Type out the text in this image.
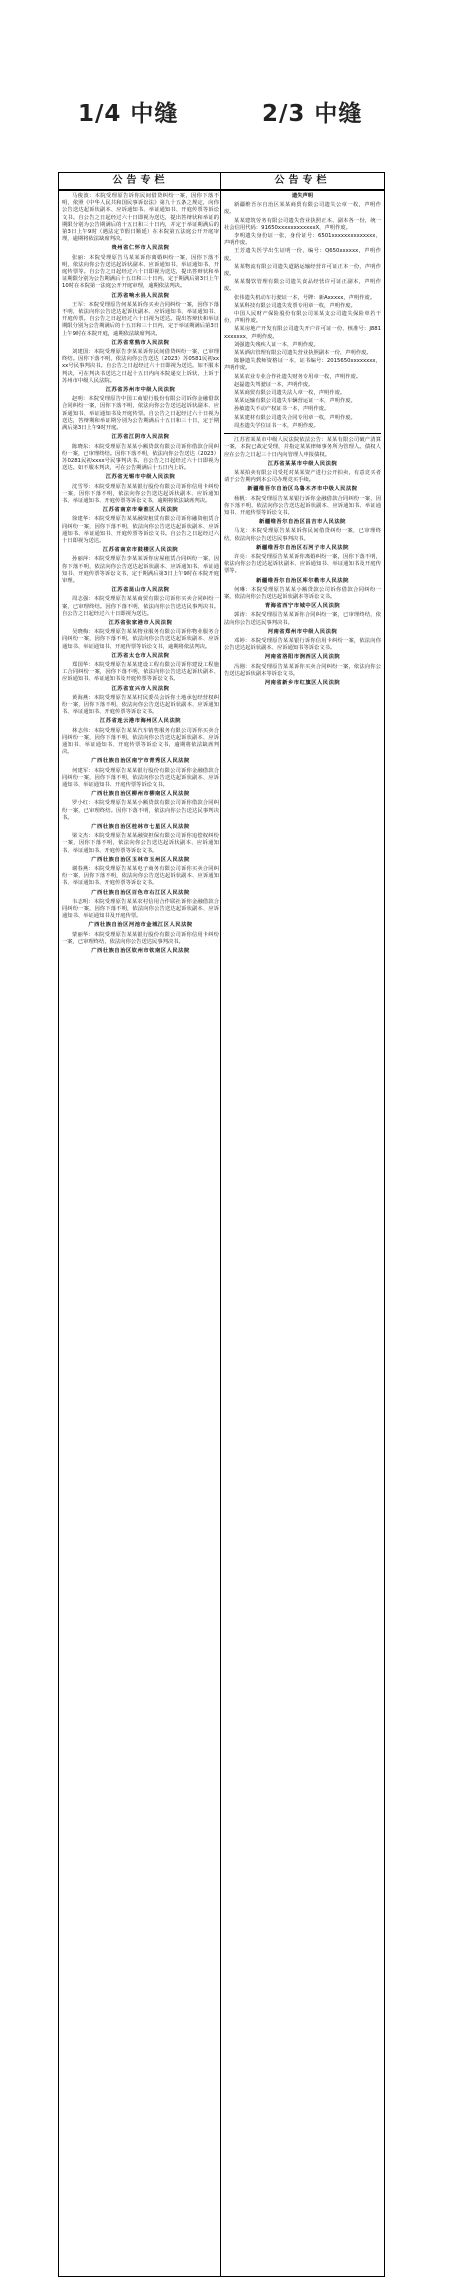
1/4 中缝	2/3 中缝
公告专栏
马俊波：本院受理原告诉你民间借贷纠纷一案，因你下落不明，依照《中华人民共和国民事诉讼法》第九十五条之规定，向你公告送达起诉状副本、应诉通知书、举证通知书、开庭传票等诉讼文书。自公告之日起经过六十日即视为送达，提出答辩状和举证的期限分别为公告期满后的十五日和三十日内，并定于举证期满后的第3日上午9时（遇法定节假日顺延）在本院第五法庭公开开庭审理，逾期将依法缺席判决。
贵州省仁怀市人民法院
张丽：本院受理原告马某某诉你离婚纠纷一案，因你下落不明，依法向你公告送达起诉状副本、应诉通知书、举证通知书、开庭传票等。自公告之日起经过六十日即视为送达，提出答辩状和举证期限分别为公告期满后十五日和三十日内，定于期满后第3日上午10时在本院第一法庭公开开庭审理，逾期依法判决。
江苏省响水县人民法院
王军：本院受理原告何某某诉你买卖合同纠纷一案，因你下落不明，依法向你公告送达起诉状副本、应诉通知书、举证通知书、开庭传票。自公告之日起经过六十日视为送达。提出答辩状和举证期限分别为公告期满后的十五日和三十日内，定于举证期满后第3日上午9时在本院开庭，逾期依法缺席判决。
江苏省常熟市人民法院
刘建国：本院受理原告李某某诉你民间借贷纠纷一案，已审理终结。因你下落不明，依法向你公告送达（2023）苏0581民初xxxx号民事判决书。自公告之日起经过六十日即视为送达。如不服本判决，可在判决书送达之日起十五日内向本院递交上诉状，上诉于苏州市中级人民法院。
江苏省苏州市中级人民法院
赵明：本院受理原告中国工商银行股份有限公司诉你金融借款合同纠纷一案，因你下落不明，依法向你公告送达起诉状副本、应诉通知书、举证通知书及开庭传票。自公告之日起经过六十日视为送达，答辩期和举证期分别为公告期满后十五日和三十日，定于期满后第3日上午9时开庭。
江苏省江阴市人民法院
陈晓东：本院受理原告某某小额贷款有限公司诉你借款合同纠纷一案，已审理终结。因你下落不明，依法向你公告送达（2023）苏0281民初xxxx号民事判决书。自公告之日起经过六十日即视为送达。如不服本判决，可在公告期满后十五日内上诉。
江苏省无锡市中级人民法院
沈雪琴：本院受理原告某某银行股份有限公司诉你信用卡纠纷一案，因你下落不明，依法向你公告送达起诉状副本、应诉通知书、举证通知书、开庭传票等诉讼文书，逾期将依法缺席判决。
江苏省南京市秦淮区人民法院
徐建华：本院受理原告某某融资租赁有限公司诉你融资租赁合同纠纷一案，因你下落不明，依法向你公告送达起诉状副本、应诉通知书、举证通知书、开庭传票等诉讼文书。自公告之日起经过六十日即视为送达。
江苏省南京市鼓楼区人民法院
孙丽萍：本院受理原告李某某诉你房屋租赁合同纠纷一案，因你下落不明，依法向你公告送达起诉状副本、应诉通知书、举证通知书、开庭传票等诉讼文书，定于期满后第3日上午9时在本院开庭审理。
江苏省昆山市人民法院
周志强：本院受理原告某某商贸有限公司诉你买卖合同纠纷一案，已审理终结。因你下落不明，依法向你公告送达民事判决书。自公告之日起经过六十日即视为送达。
江苏省张家港市人民法院
吴晓梅：本院受理原告某某物业服务有限公司诉你物业服务合同纠纷一案，因你下落不明，依法向你公告送达起诉状副本、应诉通知书、举证通知书、开庭传票等诉讼文书，逾期将依法判决。
江苏省太仓市人民法院
郑国华：本院受理原告某某建设工程有限公司诉你建设工程施工合同纠纷一案，因你下落不明，依法向你公告送达起诉状副本、应诉通知书、举证通知书及开庭传票等诉讼文书。
江苏省宜兴市人民法院
黄海燕：本院受理原告某某村民委员会诉你土地承包经营权纠纷一案，因你下落不明，依法向你公告送达起诉状副本、应诉通知书、举证通知书、开庭传票等诉讼文书。
江苏省连云港市海州区人民法院
林志伟：本院受理原告某某汽车销售服务有限公司诉你买卖合同纠纷一案，因你下落不明，依法向你公告送达起诉状副本、应诉通知书、举证通知书、开庭传票等诉讼文书，逾期将依法缺席判决。
广西壮族自治区南宁市青秀区人民法院
何建军：本院受理原告某某银行股份有限公司诉你金融借款合同纠纷一案，因你下落不明，依法向你公告送达起诉状副本、应诉通知书、举证通知书、开庭传票等诉讼文书。
广西壮族自治区柳州市柳南区人民法院
罗小红：本院受理原告某某小额贷款有限公司诉你借款合同纠纷一案，已审理终结。因你下落不明，依法向你公告送达民事判决书。
广西壮族自治区桂林市七星区人民法院
梁文杰：本院受理原告某某融资担保有限公司诉你追偿权纠纷一案，因你下落不明，依法向你公告送达起诉状副本、应诉通知书、举证通知书、开庭传票等诉讼文书。
广西壮族自治区玉林市玉州区人民法院
谢春燕：本院受理原告某某电子商务有限公司诉你买卖合同纠纷一案，因你下落不明，依法向你公告送达起诉状副本、应诉通知书、举证通知书、开庭传票等诉讼文书。
广西壮族自治区百色市右江区人民法院
韦志明：本院受理原告某某农村信用合作联社诉你金融借款合同纠纷一案，因你下落不明，依法向你公告送达起诉状副本、应诉通知书、举证通知书及开庭传票。
广西壮族自治区河池市金城江区人民法院
蒙丽华：本院受理原告某某银行股份有限公司诉你信用卡纠纷一案，已审理终结，依法向你公告送达民事判决书。
广西壮族自治区钦州市钦南区人民法院
公告专栏
遗失声明
新疆维吾尔自治区某某商贸有限公司遗失公章一枚，声明作废。
某某建筑劳务有限公司遗失营业执照正本、副本各一份，统一社会信用代码：91650xxxxxxxxxxxxX，声明作废。
李明遗失身份证一张，身份证号：6501xxxxxxxxxxxxxx，声明作废。
王芳遗失医学出生证明一份，编号：Q650xxxxxx，声明作废。
某某物流有限公司遗失道路运输经营许可证正本一份，声明作废。
某某餐饮管理有限公司遗失食品经营许可证正副本，声明作废。
张伟遗失机动车行驶证一本，号牌：新Axxxxx，声明作废。
某某科技有限公司遗失发票专用章一枚，声明作废。
中国人民财产保险股份有限公司某某支公司遗失保险单若干份，声明作废。
某某房地产开发有限公司遗失开户许可证一份，核准号：J881xxxxxxx，声明作废。
刘强遗失残疾人证一本，声明作废。
某某酒店管理有限公司遗失营业执照副本一份，声明作废。
陈静遗失教师资格证一本，证书编号：2015650xxxxxxxx，声明作废。
某某农业专业合作社遗失财务专用章一枚，声明作废。
赵磊遗失驾驶证一本，声明作废。
某某商贸有限公司遗失法人章一枚，声明作废。
某某运输有限公司遗失车辆营运证一本，声明作废。
孙敏遗失不动产权证书一本，声明作废。
某某建材有限公司遗失合同专用章一枚，声明作废。
周杰遗失学位证书一本，声明作废。
江苏省某某市中级人民法院依法公告：某某有限公司破产清算一案，本院已裁定受理，并指定某某律师事务所为管理人。债权人应在公告之日起三十日内向管理人申报债权。
江苏省某某市中级人民法院
某某拍卖有限公司受托对某某资产进行公开拍卖，有意竞买者请于公告期内到本公司办理竞买手续。
新疆维吾尔自治区乌鲁木齐市中级人民法院
杨帆：本院受理原告某某银行诉你金融借款合同纠纷一案，因你下落不明，依法向你公告送达起诉状副本、应诉通知书、举证通知书、开庭传票等诉讼文书。
新疆维吾尔自治区昌吉市人民法院
马龙：本院受理原告某某诉你民间借贷纠纷一案，已审理终结，依法向你公告送达民事判决书。
新疆维吾尔自治区石河子市人民法院
许亮：本院受理原告某某诉你离婚纠纷一案，因你下落不明，依法向你公告送达起诉状副本、应诉通知书、举证通知书及开庭传票等。
新疆维吾尔自治区库尔勒市人民法院
何琳：本院受理原告某某小额贷款公司诉你借款合同纠纷一案，依法向你公告送达起诉状副本等诉讼文书。
青海省西宁市城中区人民法院
郭涛：本院受理原告某某诉你合同纠纷一案，已审理终结，依法向你公告送达民事判决书。
河南省郑州市中级人民法院
邓婷：本院受理原告某某银行诉你信用卡纠纷一案，依法向你公告送达起诉状副本、应诉通知书等诉讼文书。
河南省洛阳市涧西区人民法院
冯刚：本院受理原告某某诉你买卖合同纠纷一案，依法向你公告送达起诉状副本等诉讼文书。
河南省新乡市红旗区人民法院
